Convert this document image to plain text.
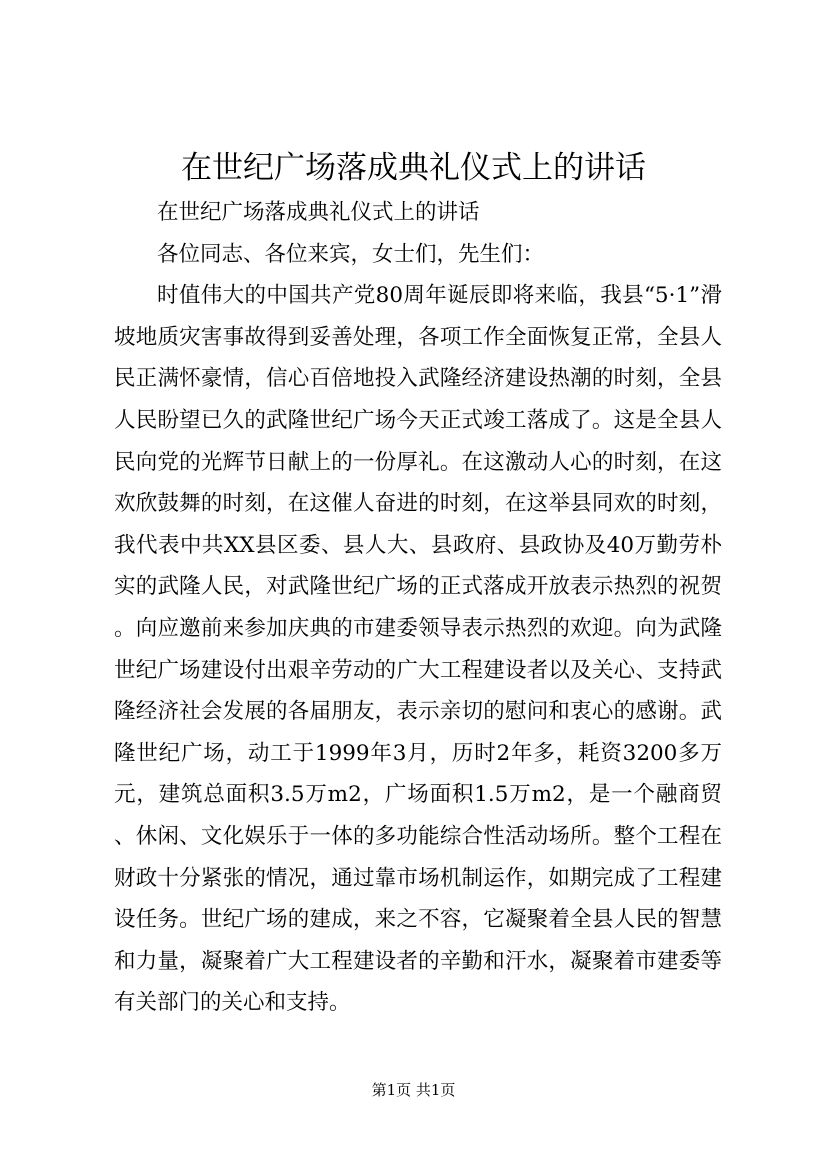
在世纪广场落成典礼仪式上的讲话

在世纪广场落成典礼仪式上的讲话

各位同志、各位来宾，女士们，先生们：

时值伟大的中国共产党80周年诞辰即将来临，我县“5·1”滑坡地质灾害事故得到妥善处理，各项工作全面恢复正常，全县人民正满怀豪情，信心百倍地投入武隆经济建设热潮的时刻，全县人民盼望已久的武隆世纪广场今天正式竣工落成了。这是全县人民向党的光辉节日献上的一份厚礼。在这激动人心的时刻，在这欢欣鼓舞的时刻，在这催人奋进的时刻，在这举县同欢的时刻，我代表中共XX县区委、县人大、县政府、县政协及40万勤劳朴实的武隆人民，对武隆世纪广场的正式落成开放表示热烈的祝贺。向应邀前来参加庆典的市建委领导表示热烈的欢迎。向为武隆世纪广场建设付出艰辛劳动的广大工程建设者以及关心、支持武隆经济社会发展的各届朋友，表示亲切的慰问和衷心的感谢。武隆世纪广场，动工于1999年3月，历时2年多，耗资3200多万元，建筑总面积3.5万m2，广场面积1.5万m2，是一个融商贸、休闲、文化娱乐于一体的多功能综合性活动场所。整个工程在财政十分紧张的情况，通过靠市场机制运作，如期完成了工程建设任务。世纪广场的建成，来之不容，它凝聚着全县人民的智慧和力量，凝聚着广大工程建设者的辛勤和汗水，凝聚着市建委等有关部门的关心和支持。

第1页 共1页
